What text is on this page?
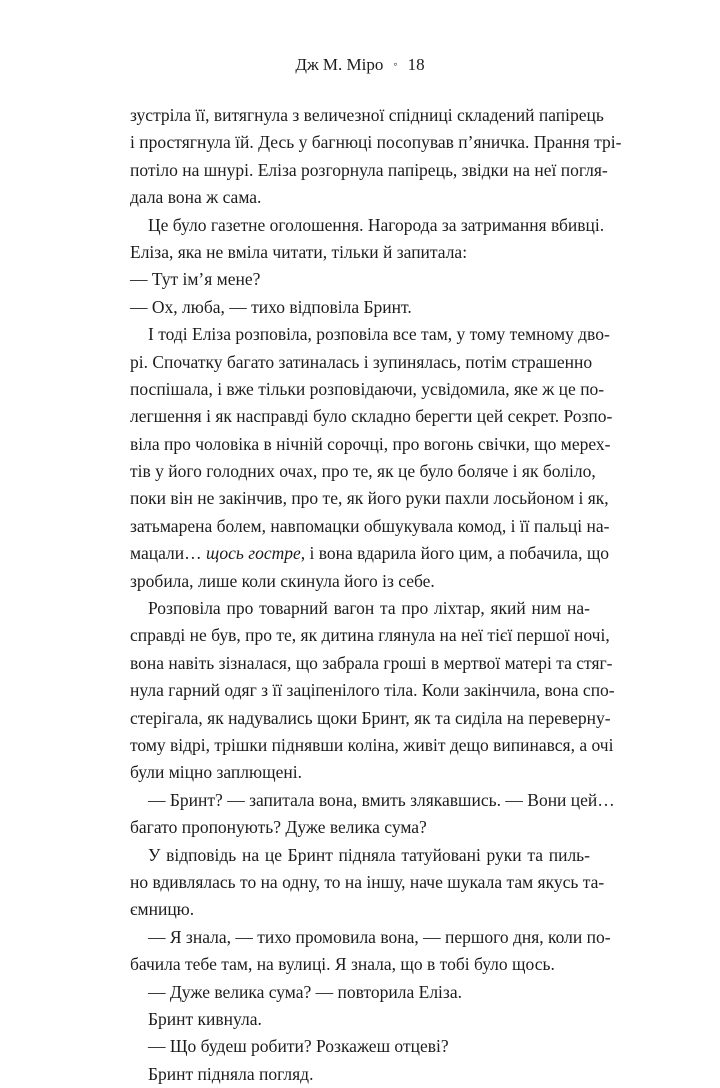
Дж М. Міро ◦ 18
зустріла її, витягнула з величезної спідниці складений папірець
і простягнула їй. Десь у багнюці посопував п’яничка. Прання трі-
потіло на шнурі. Еліза розгорнула папірець, звідки на неї погля-
дала вона ж сама.
Це було газетне оголошення. Нагорода за затримання вбивці.
Еліза, яка не вміла читати, тільки й запитала:
— Тут ім’я мене?
— Ох, люба, — тихо відповіла Бринт.
І тоді Еліза розповіла, розповіла все там, у тому темному дво-
рі. Спочатку багато затиналась і зупинялась, потім страшенно
поспішала, і вже тільки розповідаючи, усвідомила, яке ж це по-
легшення і як насправді було складно берегти цей секрет. Розпо-
віла про чоловіка в нічній сорочці, про вогонь свічки, що мерех-
тів у його голодних очах, про те, як це було боляче і як боліло,
поки він не закінчив, про те, як його руки пахли лосьйоном і як,
затьмарена болем, навпомацки обшукувала комод, і її пальці на-
мацали… щось гостре, і вона вдарила його цим, а побачила, що
зробила, лише коли скинула його із себе.
Розповіла про товарний вагон та про ліхтар, який ним на-
справді не був, про те, як дитина глянула на неї тієї першої ночі,
вона навіть зізналася, що забрала гроші в мертвої матері та стяг-
нула гарний одяг з її заціпенілого тіла. Коли закінчила, вона спо-
стерігала, як надувались щоки Бринт, як та сиділа на переверну-
тому відрі, трішки піднявши коліна, живіт дещо випинався, а очі
були міцно заплющені.
— Бринт? — запитала вона, вмить злякавшись. — Вони цей…
багато пропонують? Дуже велика сума?
У відповідь на це Бринт підняла татуйовані руки та пиль-
но вдивлялась то на одну, то на іншу, наче шукала там якусь та-
ємницю.
— Я знала, — тихо промовила вона, — першого дня, коли по-
бачила тебе там, на вулиці. Я знала, що в тобі було щось.
— Дуже велика сума? — повторила Еліза.
Бринт кивнула.
— Що будеш робити? Розкажеш отцеві?
Бринт підняла погляд.
